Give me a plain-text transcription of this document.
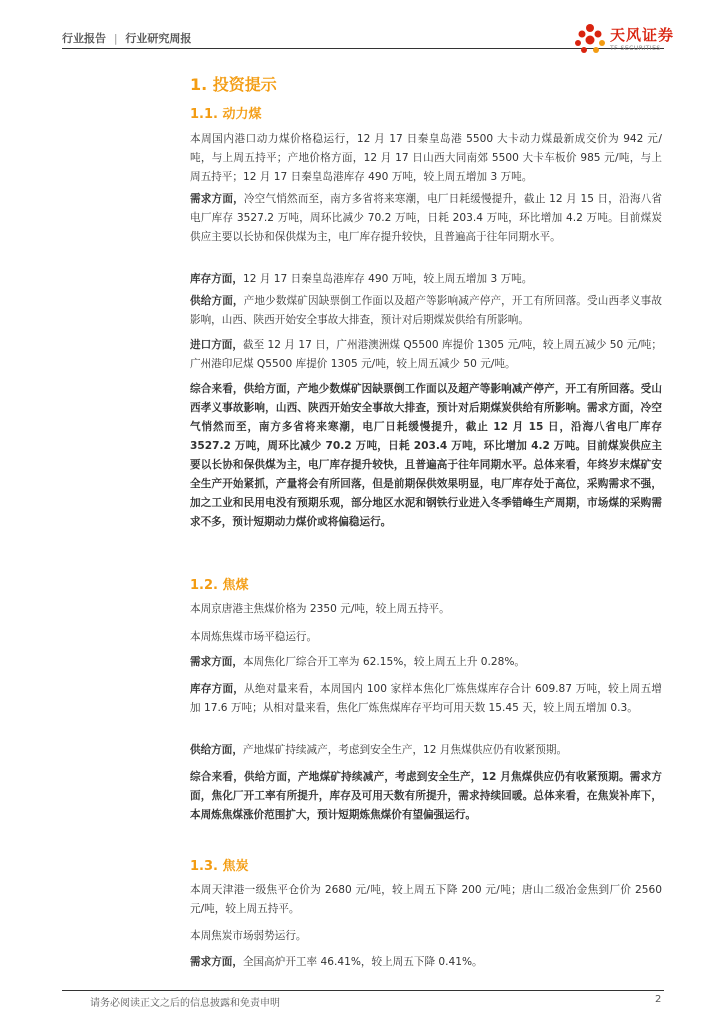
行业报告 | 行业研究周报	天风证券
TF SECURITIES
1. 投资提示
1.1. 动力煤

本周国内港口动力煤价格稳运行，12 月 17 日秦皇岛港 5500 大卡动力煤最新成交价为 942 元/吨，与上周五持平；产地价格方面，12 月 17 日山西大同南郊 5500 大卡车板价 985 元/吨，与上周五持平；12 月 17 日秦皇岛港库存 490 万吨，较上周五增加 3 万吨。

需求方面，冷空气悄然而至，南方多省将来寒潮，电厂日耗缓慢提升，截止 12 月 15 日，沿海八省电厂库存 3527.2 万吨，周环比减少 70.2 万吨，日耗 203.4 万吨，环比增加 4.2 万吨。目前煤炭供应主要以长协和保供煤为主，电厂库存提升较快，且普遍高于往年同期水平。

库存方面，12 月 17 日秦皇岛港库存 490 万吨，较上周五增加 3 万吨。

供给方面，产地少数煤矿因缺票倒工作面以及超产等影响减产停产，开工有所回落。受山西孝义事故影响，山西、陕西开始安全事故大排查，预计对后期煤炭供给有所影响。

进口方面，截至 12 月 17 日，广州港澳洲煤 Q5500 库提价 1305 元/吨，较上周五减少 50 元/吨；广州港印尼煤 Q5500 库提价 1305 元/吨，较上周五减少 50 元/吨。

综合来看，供给方面，产地少数煤矿因缺票倒工作面以及超产等影响减产停产，开工有所回落。受山西孝义事故影响，山西、陕西开始安全事故大排查，预计对后期煤炭供给有所影响。需求方面，冷空气悄然而至，南方多省将来寒潮，电厂日耗缓慢提升，截止 12 月 15 日，沿海八省电厂库存 3527.2 万吨，周环比减少 70.2 万吨，日耗 203.4 万吨，环比增加 4.2 万吨。目前煤炭供应主要以长协和保供煤为主，电厂库存提升较快，且普遍高于往年同期水平。总体来看，年终岁末煤矿安全生产开始紧抓，产量将会有所回落，但是前期保供效果明显，电厂库存处于高位，采购需求不强，加之工业和民用电没有预期乐观，部分地区水泥和钢铁行业进入冬季错峰生产周期，市场煤的采购需求不多，预计短期动力煤价或将偏稳运行。

1.2. 焦煤

本周京唐港主焦煤价格为 2350 元/吨，较上周五持平。

本周炼焦煤市场平稳运行。

需求方面，本周焦化厂综合开工率为 62.15%，较上周五上升 0.28%。

库存方面，从绝对量来看，本周国内 100 家样本焦化厂炼焦煤库存合计 609.87 万吨，较上周五增加 17.6 万吨；从相对量来看，焦化厂炼焦煤库存平均可用天数 15.45 天，较上周五增加 0.3。

供给方面，产地煤矿持续减产，考虑到安全生产，12 月焦煤供应仍有收紧预期。

综合来看，供给方面，产地煤矿持续减产，考虑到安全生产，12 月焦煤供应仍有收紧预期。需求方面，焦化厂开工率有所提升，库存及可用天数有所提升，需求持续回暖。总体来看，在焦炭补库下，本周炼焦煤涨价范围扩大，预计短期炼焦煤价有望偏强运行。

1.3. 焦炭

本周天津港一级焦平仓价为 2680 元/吨，较上周五下降 200 元/吨；唐山二级冶金焦到厂价 2560 元/吨，较上周五持平。

本周焦炭市场弱势运行。

需求方面，全国高炉开工率 46.41%，较上周五下降 0.41%。

请务必阅读正文之后的信息披露和免责申明	2
